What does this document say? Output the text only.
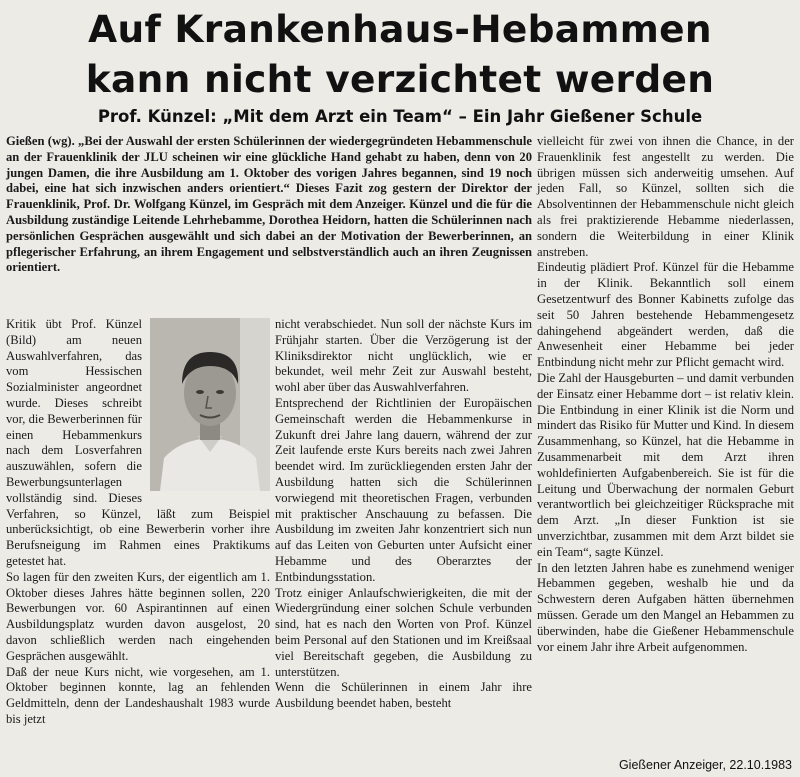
Auf Krankenhaus-Hebammen
kann nicht verzichtet werden
Prof. Künzel: „Mit dem Arzt ein Team“ – Ein Jahr Gießener Schule

Gießen (wg). „Bei der Auswahl der ersten Schülerinnen der wiedergegründeten Hebammenschule an der Frauenklinik der JLU scheinen wir eine glückliche Hand gehabt zu haben, denn von 20 jungen Damen, die ihre Ausbildung am 1. Oktober des vorigen Jahres begannen, sind 19 noch dabei, eine hat sich inzwischen anders orientiert.“ Dieses Fazit zog gestern der Direktor der Frauenklinik, Prof. Dr. Wolfgang Künzel, im Gespräch mit dem Anzeiger. Künzel und die für die Ausbildung zuständige Leitende Lehrhebamme, Dorothea Heidorn, hatten die Schülerinnen nach persönlichen Gesprächen ausgewählt und sich dabei an der Motivation der Bewerberinnen, an pflegerischer Erfahrung, an ihrem Engagement und selbstverständlich auch an ihren Zeugnissen orientiert.

Kritik übt Prof. Künzel (Bild) am neuen Auswahlverfahren, das vom Hessischen Sozialminister angeordnet wurde. Dieses schreibt vor, die Bewerberinnen für einen Hebammenkurs nach dem Losverfahren auszuwählen, sofern die Bewerbungsunterlagen vollständig sind. Dieses Verfahren, so Künzel, läßt zum Beispiel unberücksichtigt, ob eine Bewerberin vorher ihre Berufsneigung im Rahmen eines Praktikums getestet hat.

So lagen für den zweiten Kurs, der eigentlich am 1. Oktober dieses Jahres hätte beginnen sollen, 220 Bewerbungen vor. 60 Aspirantinnen auf einen Ausbildungsplatz wurden davon ausgelost, 20 davon schließlich werden nach eingehenden Gesprächen ausgewählt.

Daß der neue Kurs nicht, wie vorgesehen, am 1. Oktober beginnen konnte, lag an fehlenden Geldmitteln, denn der Landeshaushalt 1983 wurde bis jetzt

nicht verabschiedet. Nun soll der nächste Kurs im Frühjahr starten. Über die Verzögerung ist der Kliniksdirektor nicht unglücklich, wie er bekundet, weil mehr Zeit zur Auswahl besteht, wohl aber über das Auswahlverfahren.

Entsprechend der Richtlinien der Europäischen Gemeinschaft werden die Hebammenkurse in Zukunft drei Jahre lang dauern, während der zur Zeit laufende erste Kurs bereits nach zwei Jahren beendet wird. Im zurückliegenden ersten Jahr der Ausbildung hatten sich die Schülerinnen vorwiegend mit theoretischen Fragen, verbunden mit praktischer Anschauung zu befassen. Die Ausbildung im zweiten Jahr konzentriert sich nun auf das Leiten von Geburten unter Aufsicht einer Hebamme und des Oberarztes der Entbindungsstation.

Trotz einiger Anlaufschwierigkeiten, die mit der Wiedergründung einer solchen Schule verbunden sind, hat es nach den Worten von Prof. Künzel beim Personal auf den Stationen und im Kreißsaal viel Bereitschaft gegeben, die Ausbildung zu unterstützen.

Wenn die Schülerinnen in einem Jahr ihre Ausbildung beendet haben, besteht

vielleicht für zwei von ihnen die Chance, in der Frauenklinik fest angestellt zu werden. Die übrigen müssen sich anderweitig umsehen. Auf jeden Fall, so Künzel, sollten sich die Absolventinnen der Hebammenschule nicht gleich als frei praktizierende Hebamme niederlassen, sondern die Weiterbildung in einer Klinik anstreben.

Eindeutig plädiert Prof. Künzel für die Hebamme in der Klinik. Bekanntlich soll einem Gesetzentwurf des Bonner Kabinetts zufolge das seit 50 Jahren bestehende Hebammengesetz dahingehend abgeändert werden, daß die Anwesenheit einer Hebamme bei jeder Entbindung nicht mehr zur Pflicht gemacht wird.

Die Zahl der Hausgeburten – und damit verbunden der Einsatz einer Hebamme dort – ist relativ klein. Die Entbindung in einer Klinik ist die Norm und mindert das Risiko für Mutter und Kind. In diesem Zusammenhang, so Künzel, hat die Hebamme in Zusammenarbeit mit dem Arzt ihren wohldefinierten Aufgabenbereich. Sie ist für die Leitung und Überwachung der normalen Geburt verantwortlich bei gleichzeitiger Rücksprache mit dem Arzt. „In dieser Funktion ist sie unverzichtbar, zusammen mit dem Arzt bildet sie ein Team“, sagte Künzel.

In den letzten Jahren habe es zunehmend weniger Hebammen gegeben, weshalb hie und da Schwestern deren Aufgaben hätten übernehmen müssen. Gerade um den Mangel an Hebammen zu überwinden, habe die Gießener Hebammenschule vor einem Jahr ihre Arbeit aufgenommen.

Gießener Anzeiger, 22.10.1983
